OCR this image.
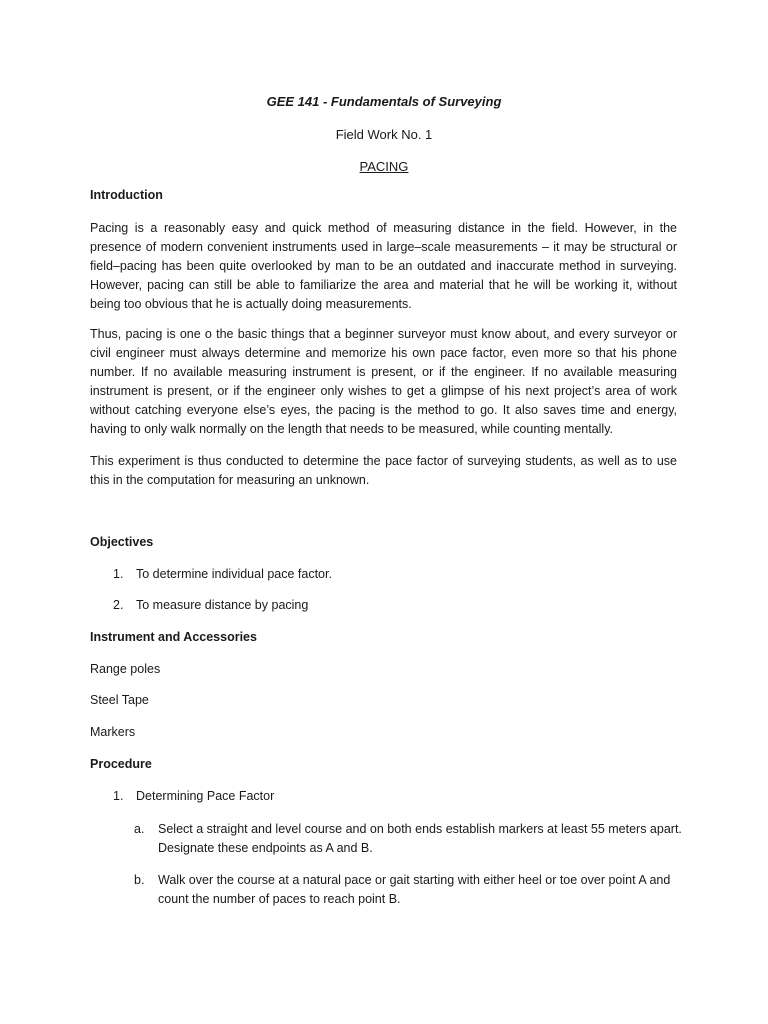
GEE 141 - Fundamentals of Surveying
Field Work No. 1
PACING
Introduction

Pacing is a reasonably easy and quick method of measuring distance in the field. However, in the presence of modern convenient instruments used in large–scale measurements – it may be structural or field–pacing has been quite overlooked by man to be an outdated and inaccurate method in surveying. However, pacing can still be able to familiarize the area and material that he will be working it, without being too obvious that he is actually doing measurements.

Thus, pacing is one o the basic things that a beginner surveyor must know about, and every surveyor or civil engineer must always determine and memorize his own pace factor, even more so that his phone number. If no available measuring instrument is present, or if the engineer. If no available measuring instrument is present, or if the engineer only wishes to get a glimpse of his next project’s area of work without catching everyone else’s eyes, the pacing is the method to go. It also saves time and energy, having to only walk normally on the length that needs to be measured, while counting mentally.

This experiment is thus conducted to determine the pace factor of surveying students, as well as to use this in the computation for measuring an unknown.

Objectives
1. To determine individual pace factor.
2. To measure distance by pacing
Instrument and Accessories
Range poles
Steel Tape
Markers
Procedure
1. Determining Pace Factor
a. Select a straight and level course and on both ends establish markers at least 55 meters apart. Designate these endpoints as A and B.
b. Walk over the course at a natural pace or gait starting with either heel or toe over point A and count the number of paces to reach point B.
